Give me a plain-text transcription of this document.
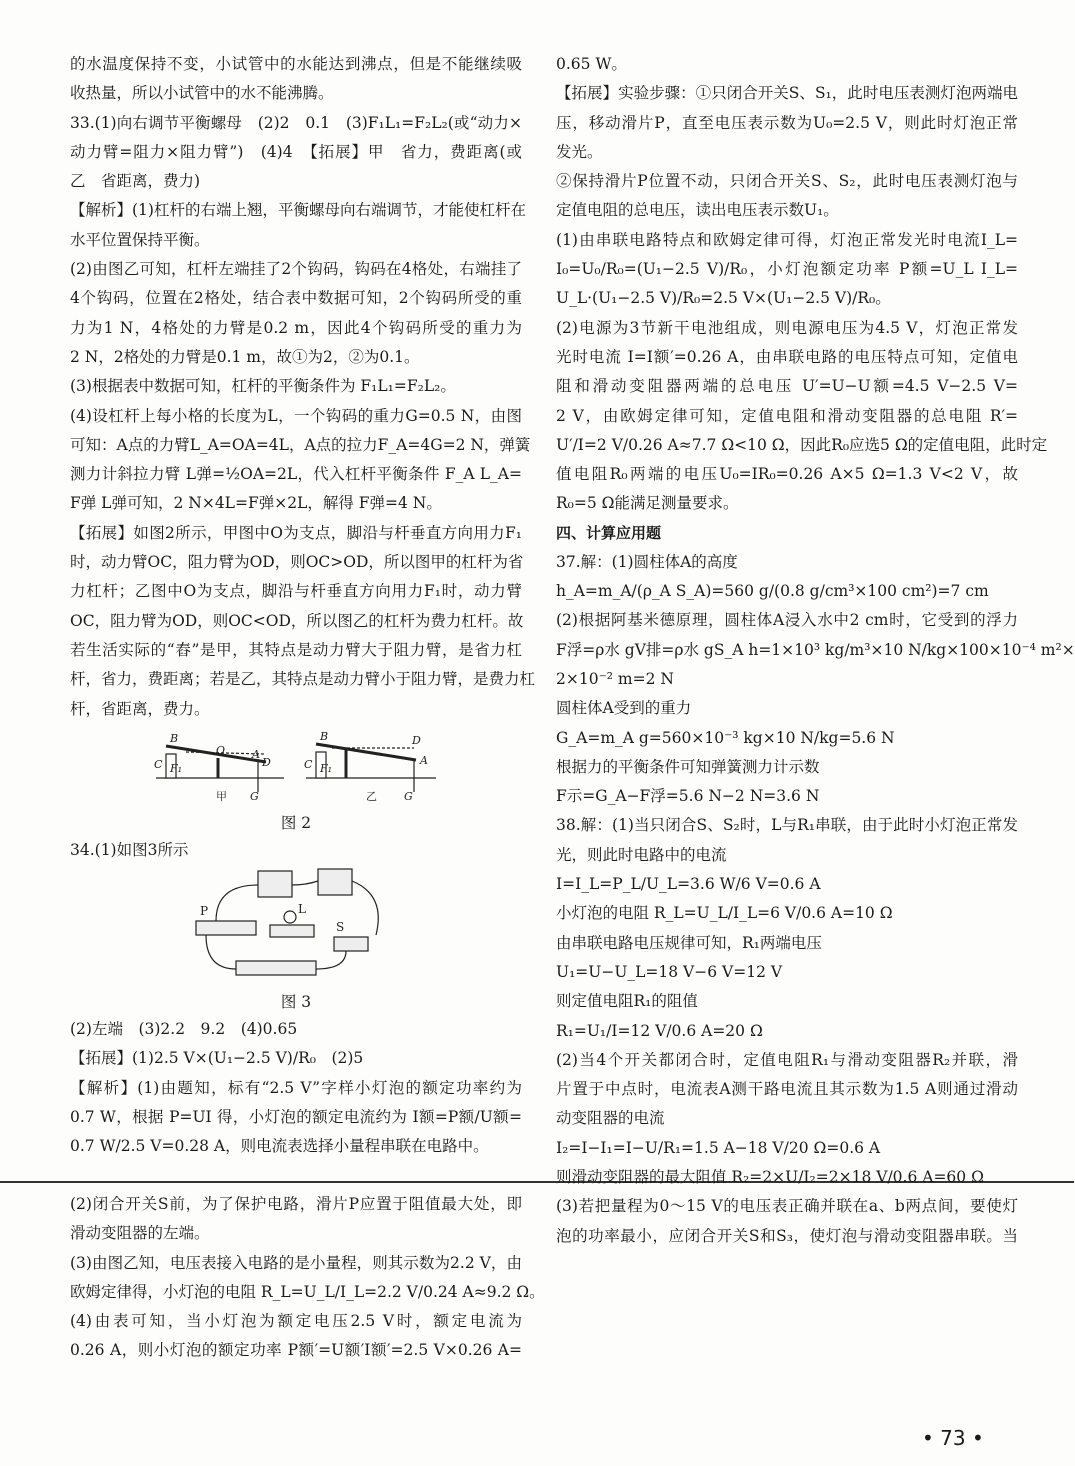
的水温度保持不变，小试管中的水能达到沸点，但是不能继续吸
收热量，所以小试管中的水不能沸腾。
33.(1)向右调节平衡螺母　(2)2　0.1　(3)F₁L₁=F₂L₂(或“动力×
动力臂=阻力×阻力臂”)　(4)4　【拓展】甲　省力，费距离(或
乙　省距离，费力)
【解析】(1)杠杆的右端上翘，平衡螺母向右端调节，才能使杠杆在
水平位置保持平衡。
(2)由图乙可知，杠杆左端挂了2个钩码，钩码在4格处，右端挂了
4个钩码，位置在2格处，结合表中数据可知，2个钩码所受的重
力为1 N，4格处的力臂是0.2 m，因此4个钩码所受的重力为
2 N，2格处的力臂是0.1 m，故①为2，②为0.1。
(3)根据表中数据可知，杠杆的平衡条件为 F₁L₁=F₂L₂。
(4)设杠杆上每小格的长度为L，一个钩码的重力G=0.5 N，由图
可知：A点的力臂L_A=OA=4L，A点的拉力F_A=4G=2 N，弹簧
测力计斜拉力臂 L弹=½OA=2L，代入杠杆平衡条件 F_A L_A=
F弹 L弹可知，2 N×4L=F弹×2L，解得 F弹=4 N。
【拓展】如图2所示，甲图中O为支点，脚沿与杆垂直方向用力F₁
时，动力臂OC，阻力臂为OD，则OC>OD，所以图甲的杠杆为省
力杠杆；乙图中O为支点，脚沿与杆垂直方向用力F₁时，动力臂
OC，阻力臂为OD，则OC<OD，所以图乙的杠杆为费力杠杆。故
若生活实际的“舂”是甲，其特点是动力臂大于阻力臂，是省力杠
杆，省力，费距离；若是乙，其特点是动力臂小于阻力臂，是费力杠
杆，省距离，费力。
B
O A
D
C F₁
G
甲
B	D
C F₁
A
G
乙
图 2
34.(1)如图3所示
P	L
S
图 3
(2)左端　(3)2.2　9.2　(4)0.65
【拓展】(1)2.5 V×(U₁−2.5 V)/R₀　(2)5
【解析】(1)由题知，标有“2.5 V”字样小灯泡的额定功率约为
0.7 W，根据 P=UI 得，小灯泡的额定电流约为 I额=P额/U额=
0.7 W/2.5 V=0.28 A，则电流表选择小量程串联在电路中。
(2)闭合开关S前，为了保护电路，滑片P应置于阻值最大处，即
滑动变阻器的左端。
(3)由图乙知，电压表接入电路的是小量程，则其示数为2.2 V，由
欧姆定律得，小灯泡的电阻 R_L=U_L/I_L=2.2 V/0.24 A≈9.2 Ω。
(4)由表可知，当小灯泡为额定电压2.5 V时，额定电流为
0.26 A，则小灯泡的额定功率 P额′=U额′I额′=2.5 V×0.26 A=
0.65 W。
【拓展】实验步骤：①只闭合开关S、S₁，此时电压表测灯泡两端电
压，移动滑片P，直至电压表示数为U₀=2.5 V，则此时灯泡正常
发光。
②保持滑片P位置不动，只闭合开关S、S₂，此时电压表测灯泡与
定值电阻的总电压，读出电压表示数U₁。
(1)由串联电路特点和欧姆定律可得，灯泡正常发光时电流I_L=
I₀=U₀/R₀=(U₁−2.5 V)/R₀，小灯泡额定功率 P额=U_L I_L=
U_L·(U₁−2.5 V)/R₀=2.5 V×(U₁−2.5 V)/R₀。
(2)电源为3节新干电池组成，则电源电压为4.5 V，灯泡正常发
光时电流 I=I额′=0.26 A，由串联电路的电压特点可知，定值电
阻和滑动变阻器两端的总电压 U′=U−U额=4.5 V−2.5 V=
2 V，由欧姆定律可知，定值电阻和滑动变阻器的总电阻 R′=
U′/I=2 V/0.26 A≈7.7 Ω<10 Ω，因此R₀应选5 Ω的定值电阻，此时定
值电阻R₀两端的电压U₀=IR₀=0.26 A×5 Ω=1.3 V<2 V，故
R₀=5 Ω能满足测量要求。
四、计算应用题
37.解：(1)圆柱体A的高度
h_A=m_A/(ρ_A S_A)=560 g/(0.8 g/cm³×100 cm²)=7 cm
(2)根据阿基米德原理，圆柱体A浸入水中2 cm时，它受到的浮力
F浮=ρ水 gV排=ρ水 gS_A h=1×10³ kg/m³×10 N/kg×100×10⁻⁴ m²×
2×10⁻² m=2 N
圆柱体A受到的重力
G_A=m_A g=560×10⁻³ kg×10 N/kg=5.6 N
根据力的平衡条件可知弹簧测力计示数
F示=G_A−F浮=5.6 N−2 N=3.6 N
38.解：(1)当只闭合S、S₂时，L与R₁串联，由于此时小灯泡正常发
光，则此时电路中的电流
I=I_L=P_L/U_L=3.6 W/6 V=0.6 A
小灯泡的电阻 R_L=U_L/I_L=6 V/0.6 A=10 Ω
由串联电路电压规律可知，R₁两端电压
U₁=U−U_L=18 V−6 V=12 V
则定值电阻R₁的阻值
R₁=U₁/I=12 V/0.6 A=20 Ω
(2)当4个开关都闭合时，定值电阻R₁与滑动变阻器R₂并联，滑
片置于中点时，电流表A测干路电流且其示数为1.5 A则通过滑动
动变阻器的电流
I₂=I−I₁=I−U/R₁=1.5 A−18 V/20 Ω=0.6 A
则滑动变阻器的最大阻值 R₂=2×U/I₂=2×18 V/0.6 A=60 Ω
(3)若把量程为0～15 V的电压表正确并联在a、b两点间，要使灯
泡的功率最小，应闭合开关S和S₃，使灯泡与滑动变阻器串联。当
• 73 •
